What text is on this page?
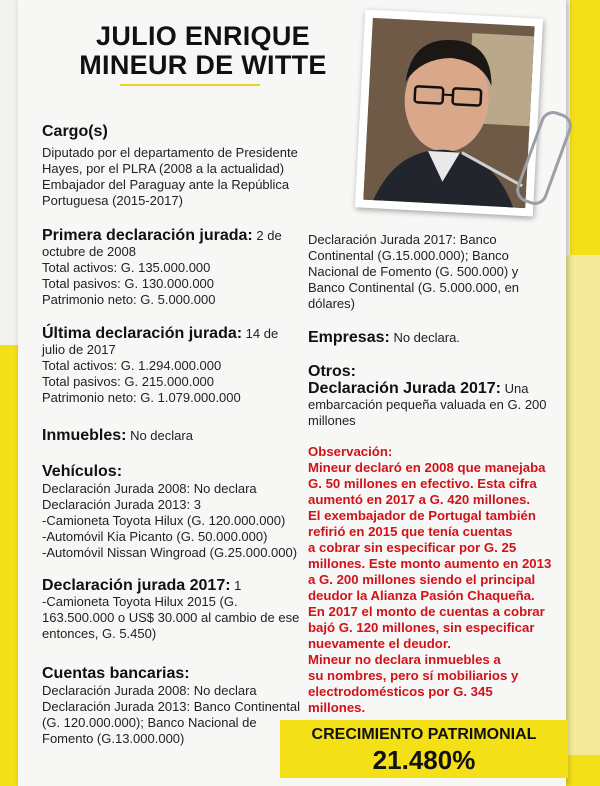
JULIO ENRIQUE
MINEUR DE WITTE
Cargo(s)
Diputado por el departamento de Presidente
Hayes, por el PLRA (2008 a la actualidad)
Embajador del Paraguay ante la República
Portuguesa (2015-2017)
Primera declaración jurada: 2 de
octubre de 2008
Total activos: G. 135.000.000
Total pasivos: G. 130.000.000
Patrimonio neto: G. 5.000.000
Última declaración jurada: 14 de
julio de 2017
Total activos: G. 1.294.000.000
Total pasivos: G. 215.000.000
Patrimonio neto: G. 1.079.000.000
Inmuebles: No declara
Vehículos:
Declaración Jurada 2008: No declara
Declaración Jurada 2013: 3
-Camioneta Toyota Hilux (G. 120.000.000)
-Automóvil Kia Picanto (G. 50.000.000)
-Automóvil Nissan Wingroad (G.25.000.000)
Declaración jurada 2017: 1
-Camioneta Toyota Hilux 2015 (G.
163.500.000 o US$ 30.000 al cambio de ese
entonces, G. 5.450)
Cuentas bancarias:
Declaración Jurada 2008: No declara
Declaración Jurada 2013: Banco Continental
(G. 120.000.000); Banco Nacional de
Fomento (G.13.000.000)
Declaración Jurada 2017: Banco
Continental (G.15.000.000); Banco
Nacional de Fomento (G. 500.000) y
Banco Continental (G. 5.000.000, en
dólares)
Empresas: No declara.
Otros:
Declaración Jurada 2017: Una
embarcación pequeña valuada en G. 200
millones
Observación:
Mineur declaró en 2008 que manejaba
G. 50 millones en efectivo. Esta cifra
aumentó en 2017 a G. 420 millones.
El exembajador de Portugal también
refirió en 2015 que tenía cuentas
a cobrar sin especificar por G. 25
millones. Este monto aumento en 2013
a G. 200 millones siendo el principal
deudor la Alianza Pasión Chaqueña.
En 2017 el monto de cuentas a cobrar
bajó G. 120 millones, sin especificar
nuevamente el deudor.
Mineur no declara inmuebles a
su nombres, pero sí mobiliarios y
electrodomésticos por G. 345 millones.
CRECIMIENTO PATRIMONIAL
21.480%
